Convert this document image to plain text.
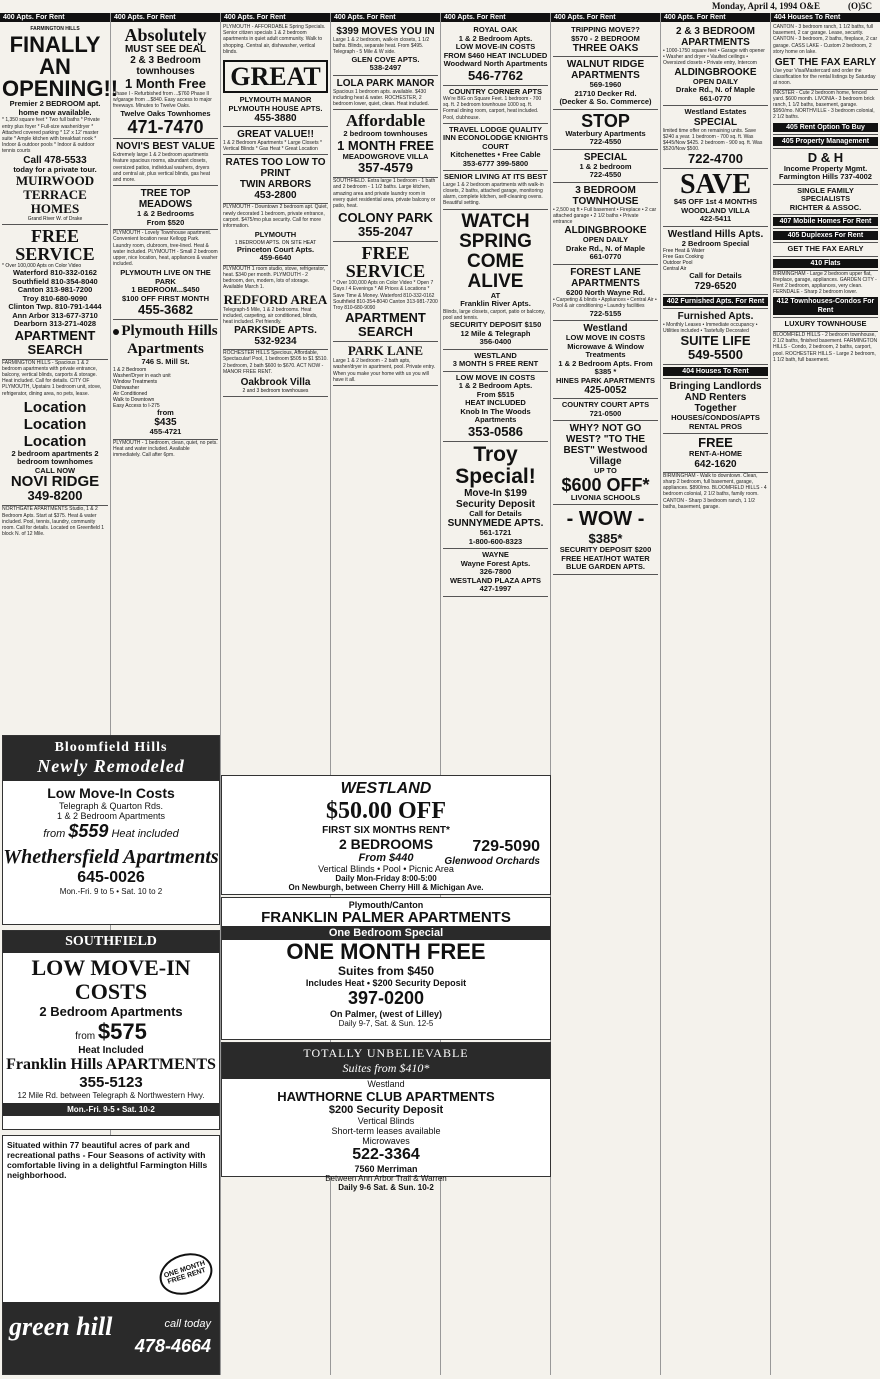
Monday, April 4, 1994 O&E	(O)5C
400 Apts. For Rent
FARMINGTON HILLS
FINALLY AN OPENING!!
Premier 2 BEDROOM apt. home now available.
* 1,350 square feet * Two full baths * Private entry plus foyer * Full-size washer/dryer * Attached covered parking * 12' x 12' master suite * Ample kitchen with breakfast nook * Indoor & outdoor pools * Indoor & outdoor tennis courts
Call 478-5533
today for a private tour.
MUIRWOOD TERRACE HOMES
Grand River W. of Drake
FREE SERVICE
* Over 100,000 Apts on Color Video
Waterford 810-332-0162
Southfield 810-354-8040
Canton 313-981-7200
Troy 810-680-9090
Clinton Twp. 810-791-1444
Ann Arbor 313-677-3710
Dearborn 313-271-4028
APARTMENT SEARCH
FARMINGTON HILLS - Spacious 1 & 2 bedroom apartments with private entrance, balcony, vertical blinds, carports & storage. Heat included. Call for details. CITY OF PLYMOUTH, Upstairs 1 bedroom unit, stove, refrigerator, dining area, no pets, lease.
Location Location Location
2 bedroom apartments 2 bedroom townhomes
CALL NOW
NOVI RIDGE
349-8200
NORTHGATE APARTMENTS Studio, 1 & 2 Bedroom Apts. Start at $375. Heat & water included. Pool, tennis, laundry, community room. Call for details. Located on Greenfield 1 block N. of 12 Mile.
400 Apts. For Rent
Absolutely
MUST SEE DEAL
2 & 3 Bedroom townhouses
1 Month Free
Phase I - Refurbished from ...$760 Phase II w/garage from ...$840. Easy access to major freeways. Minutes to Twelve Oaks.
Twelve Oaks Townhomes
471-7470
NOVI'S BEST VALUE
Extremely large 1 & 2 bedroom apartments feature spacious rooms, abundant closets, oversized patios, individual washers, dryers and central air, plus vertical blinds, gas heat and more.
TREE TOP MEADOWS
1 & 2 Bedrooms
From $520
PLYMOUTH - Lovely Townhouse apartment. Convenient location near Kellogg Park. Laundry room, clubroom, tree-lined. Heat & water included. PLYMOUTH - Small 2 bedroom upper, nice location, heat, appliances & washer included.
PLYMOUTH LIVE ON THE PARK
1 BEDROOM...$450
$100 OFF FIRST MONTH
455-3682
Plymouth Hills Apartments
746 S. Mill St.
1 & 2 Bedroom
Washer/Dryer in each unit
Window Treatments
Dishwasher
Air Conditioned
Walk to Downtown
Easy Access to I-275
from
$435
455-4721
PLYMOUTH - 1 bedroom, clean, quiet, no pets. Heat and water included. Available immediately. Call after 6pm.
400 Apts. For Rent
PLYMOUTH - AFFORDABLE Spring Specials. Senior citizen specials 1 & 2 bedroom apartments in quiet adult community. Walk to shopping. Central air, dishwasher, vertical blinds.
GREAT
PLYMOUTH MANOR PLYMOUTH HOUSE APTS.
455-3880
GREAT VALUE!!
1 & 2 Bedroom Apartments * Large Closets * Vertical Blinds * Gas Heat * Great Location
RATES TOO LOW TO PRINT
TWIN ARBORS
453-2800
PLYMOUTH - Downtown 2 bedroom apt. Quiet, newly decorated 1 bedroom, private entrance, carport. $475/mo plus security. Call for more information.
PLYMOUTH
1 BEDROOM APTS. ON SITE HEAT
Princeton Court Apts.
459-6640
PLYMOUTH 1 room studio, stove, refrigerator, heat. $340 per month. PLYMOUTH - 2 bedroom, den, modern, lots of storage. Available March 1.
REDFORD AREA
Telegraph-5 Mile, 1 & 2 bedrooms. Heat included, carpeting, air conditioned, blinds, heat included. Pet friendly.
PARKSIDE APTS.
532-9234
ROCHESTER HILLS Specious, Affordable, Spectacular! Pool, 1 bedroom $505 to $1 $510. 2 bedroom, 2 bath $600 to $670. ACT NOW - MANOR FREE RENT.
Oakbrook Villa
2 and 3 bedroom townhouses
400 Apts. For Rent
$399 MOVES YOU IN
Large 1 & 2 bedroom, walk-in closets, 1 1/2 baths. Blinds, separate heat. From $495. Telegraph - 5 Mile & W side.
GLEN COVE APTS.
538-2497
LOLA PARK MANOR
Spacious 1 bedroom apts. available. $430 including heat & water. ROCHESTER, 2 bedroom lower, quiet, clean. Heat included.
Affordable
2 bedroom townhouses
1 MONTH FREE
MEADOWGROVE VILLA
357-4579
SOUTHFIELD. Extra large 1 bedroom - 1 bath and 2 bedroom - 1 1/2 baths. Large kitchen, amazing area and private laundry room in every quiet residential area, private balcony or patio, heat.
COLONY PARK
355-2047
FREE SERVICE
* Over 100,000 Apts on Color Video * Open 7 Days / 4 Evenings * All Prices & Locations * Save Time & Money. Waterford 810-332-0162 Southfield 810-354-8040 Canton 313-981-7200 Troy 810-680-9090
APARTMENT SEARCH
PARK LANE
Large 1 & 2 bedroom - 2 bath apts, washer/dryer in apartment, pool. Private entry. When you make your home with us you will have it all.
400 Apts. For Rent
ROYAL OAK
1 & 2 Bedroom Apts.
LOW MOVE-IN COSTS
FROM $460 HEAT INCLUDED
Woodward North Apartments
546-7762
COUNTRY CORNER APTS
We're BIG on Square Feet. 1 bedroom - 700 sq. ft. 2 bedroom townhouse 1000 sq. ft. Formal dining room, carport, heat included. Pool, clubhouse.
TRAVEL LODGE QUALITY INN ECONOLODGE KNIGHTS COURT
Kitchenettes • Free Cable
353-6777 399-5800
SENIOR LIVING AT ITS BEST
Large 1 & 2 bedroom apartments with walk-in closets, 2 baths, attached garage, monitoring alarm, complete kitchen, self-cleaning ovens. Beautiful setting.
WATCH SPRING COME ALIVE
AT
Franklin River Apts.
Blinds, large closets, carport, patio or balcony, pool and tennis.
SECURITY DEPOSIT $150
12 Mile & Telegraph
356-0400
WESTLAND
3 MONTH S FREE RENT
LOW MOVE IN COSTS
1 & 2 Bedroom Apts.
From $515
HEAT INCLUDED
Knob In The Woods Apartments
353-0586
Troy Special!
Move-In $199 Security Deposit
Call for Details
SUNNYMEDE APTS.
561-1721
1-800-600-8323
WAYNE
Wayne Forest Apts.
326-7800
WESTLAND PLAZA APTS
427-1997
400 Apts. For Rent
TRIPPING MOVE??
$570 - 2 BEDROOM
THREE OAKS
WALNUT RIDGE APARTMENTS
569-1960
21710 Decker Rd.
(Decker & So. Commerce)
STOP
Waterbury Apartments
722-4550
SPECIAL
1 & 2 bedroom
722-4550
3 BEDROOM TOWNHOUSE
• 2,500 sq ft • Full basement • Fireplace • 2 car attached garage • 2 1/2 baths • Private entrance
ALDINGBROOKE
OPEN DAILY
Drake Rd., N. of Maple
661-0770
FOREST LANE APARTMENTS
6200 North Wayne Rd.
• Carpeting & blinds • Appliances • Central Air • Pool & air conditioning • Laundry facilities
722-5155
Westland
LOW MOVE IN COSTS Microwave & Window Treatments
1 & 2 Bedroom Apts. From $385 *
HINES PARK APARTMENTS
425-0052
COUNTRY COURT APTS
721-0500
WHY? NOT GO WEST? "TO THE BEST" Westwood Village
UP TO
$600 OFF*
LIVONIA SCHOOLS
- WOW -
$385*
SECURITY DEPOSIT $200
FREE HEAT/HOT WATER
BLUE GARDEN APTS.
400 Apts. For Rent
2 & 3 BEDROOM APARTMENTS
• 1000-1750 square feet • Garage with opener • Washer and dryer • Vaulted ceilings • Oversized closets • Private entry, Intercom
ALDINGBROOKE
OPEN DAILY
Drake Rd., N. of Maple
661-0770
Westland Estates
SPECIAL
limited time offer on remaining units. Save $240 a year. 1 bedroom - 700 sq. ft. Was $445/Now $425. 2 bedroom - 900 sq. ft. Was $520/Now $500.
722-4700
SAVE
$45 OFF 1st 4 MONTHS
WOODLAND VILLA
422-5411
Westland Hills Apts.
2 Bedroom Special
Free Heat & Water
Free Gas Cooking
Outdoor Pool
Central Air
Call for Details
729-6520
402 Furnished Apts. For Rent
Furnished Apts.
• Monthly Leases • Immediate occupancy • Utilities included • Tastefully Decorated
SUITE LIFE
549-5500
404 Houses To Rent
Bringing Landlords AND Renters Together
HOUSES/CONDOS/APTS
RENTAL PROS
FREE
RENT-A-HOME
642-1620
BIRMINGHAM - Walk to downtown. Clean, sharp 2 bedroom, full basement, garage, appliances. $890/mo. BLOOMFIELD HILLS - 4 bedroom colonial, 2 1/2 baths, family room. CANTON - Sharp 3 bedroom ranch, 1 1/2 baths, basement, garage.
404 Houses To Rent
CANTON - 3 bedroom ranch, 1 1/2 baths, full basement, 2 car garage. Lease, security. CANTON - 3 bedroom, 2 baths, fireplace, 2 car garage. CASS LAKE - Custom 2 bedroom, 2 story home on lake.
GET THE FAX EARLY
Use your Visa/Mastercard and order the classification for the rental listings by Saturday at noon.
INKSTER - Cute 2 bedroom home, fenced yard. $600 month. LIVONIA - 3 bedroom brick ranch, 1 1/2 baths, basement, garage. $950/mo. NORTHVILLE - 3 bedroom colonial, 2 1/2 baths.
405 Rent Option To Buy
405 Property Management
D & H
Income Property Mgmt.
Farmington Hills 737-4002
SINGLE FAMILY SPECIALISTS
RICHTER & ASSOC.
407 Mobile Homes For Rent
405 Duplexes For Rent
GET THE FAX EARLY
410 Flats
BIRMINGHAM - Large 2 bedroom upper flat, fireplace, garage, appliances. GARDEN CITY - Rent 2 bedroom, appliances, very clean. FERNDALE - Sharp 2 bedroom lower.
412 Townhouses-Condos For Rent
LUXURY TOWNHOUSE
BLOOMFIELD HILLS - 2 bedroom townhouse, 2 1/2 baths, finished basement. FARMINGTON HILLS - Condo, 2 bedroom, 2 baths, carport, pool. ROCHESTER HILLS - Large 2 bedroom, 1 1/2 bath, full basement.
Bloomfield Hills
Newly Remodeled
Low Move-In Costs
Telegraph & Quarton Rds.
1 & 2 Bedroom Apartments
from $559 Heat included
Whethersfield Apartments
645-0026
Mon.-Fri. 9 to 5 • Sat. 10 to 2
SOUTHFIELD
LOW MOVE-IN COSTS
2 Bedroom Apartments
from $575
Heat Included
Franklin Hills APARTMENTS
355-5123
12 Mile Rd. between Telegraph & Northwestern Hwy.
Mon.-Fri. 9-5 • Sat. 10-2
Situated within 77 beautiful acres of park and recreational paths - Four Seasons of activity with comfortable living in a delightful Farmington Hills neighborhood.
ONE MONTH FREE RENT
green hill	call today
478-4664
WESTLAND
$50.00 OFF
FIRST SIX MONTHS RENT*
2 BEDROOMS
From $440
Vertical Blinds • Pool • Picnic Area
729-5090
Glenwood Orchards
Daily Mon-Friday 8:00-5:00
On Newburgh, between Cherry Hill & Michigan Ave.
Plymouth/Canton
FRANKLIN PALMER APARTMENTS
One Bedroom Special
ONE MONTH FREE
Suites from $450
Includes Heat • $200 Security Deposit
397-0200
On Palmer, (west of Lilley)
Daily 9-7, Sat. & Sun. 12-5
TOTALLY UNBELIEVABLE
Suites from $410*
Westland
HAWTHORNE CLUB APARTMENTS
$200 Security Deposit
Vertical Blinds
Short-term leases available
Microwaves
522-3364
7560 Merriman
Between Ann Arbor Trail & Warren
Daily 9-6 Sat. & Sun. 10-2
